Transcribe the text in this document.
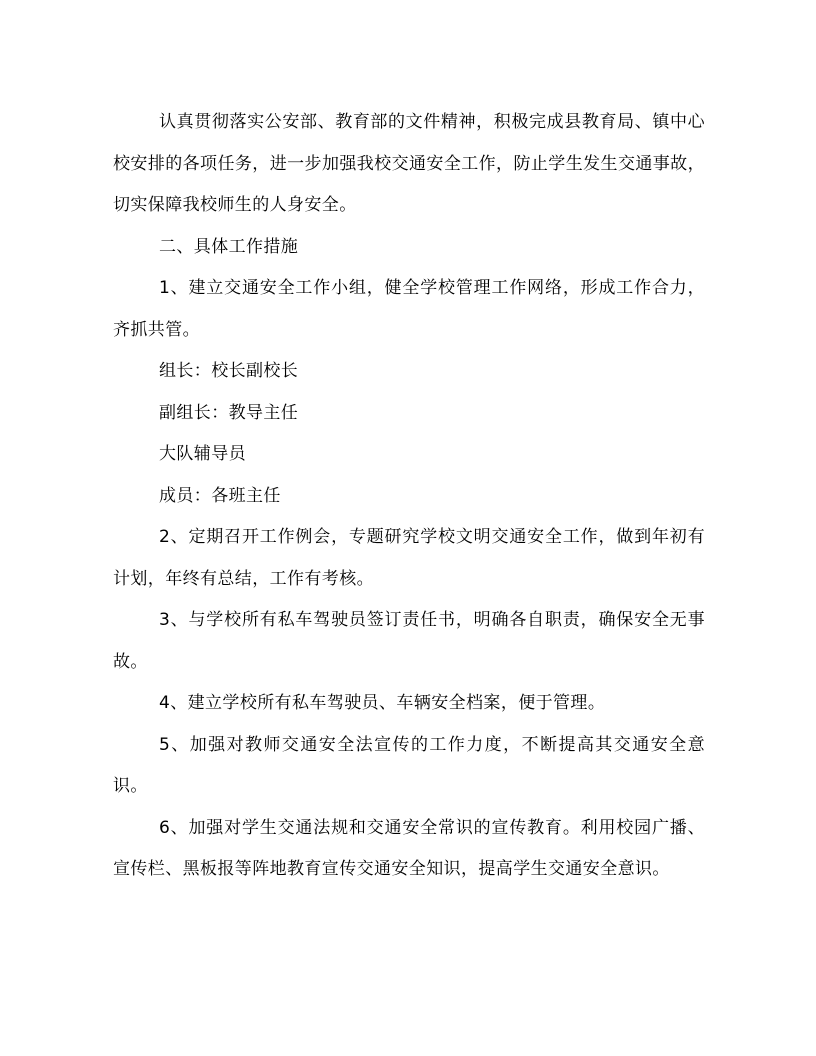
认真贯彻落实公安部、教育部的文件精神，积极完成县教育局、镇中心校安排的各项任务，进一步加强我校交通安全工作，防止学生发生交通事故，切实保障我校师生的人身安全。

二、具体工作措施

1、建立交通安全工作小组，健全学校管理工作网络，形成工作合力，齐抓共管。

组长：校长副校长

副组长：教导主任

大队辅导员

成员：各班主任

2、定期召开工作例会，专题研究学校文明交通安全工作，做到年初有计划，年终有总结，工作有考核。

3、与学校所有私车驾驶员签订责任书，明确各自职责，确保安全无事故。

4、建立学校所有私车驾驶员、车辆安全档案，便于管理。

5、加强对教师交通安全法宣传的工作力度，不断提高其交通安全意识。

6、加强对学生交通法规和交通安全常识的宣传教育。利用校园广播、宣传栏、黑板报等阵地教育宣传交通安全知识，提高学生交通安全意识。
